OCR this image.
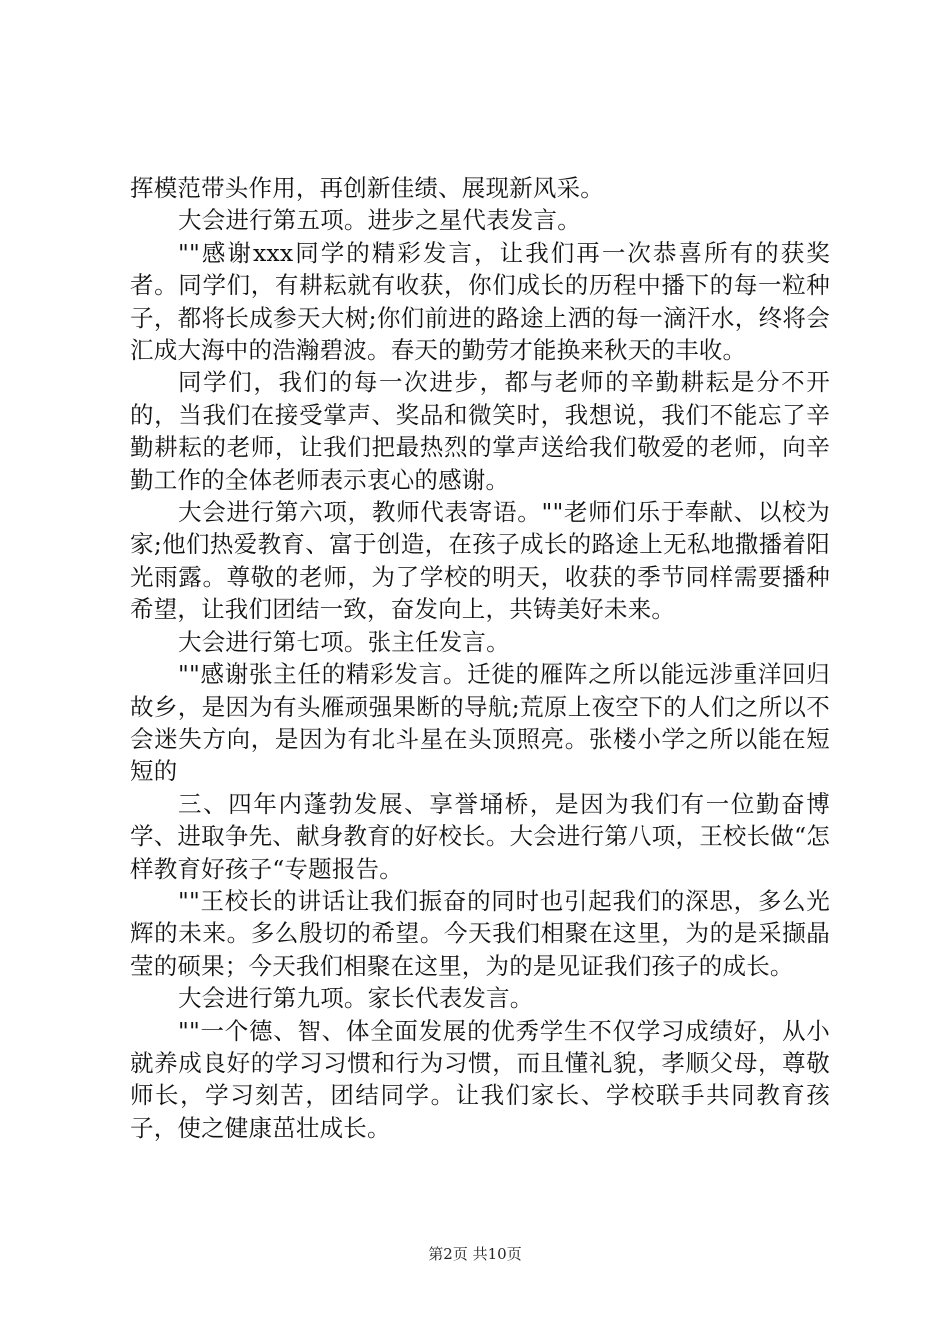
挥模范带头作用，再创新佳绩、展现新风采。

大会进行第五项。进步之星代表发言。

""感谢xxx同学的精彩发言，让我们再一次恭喜所有的获奖者。同学们，有耕耘就有收获，你们成长的历程中播下的每一粒种子，都将长成参天大树;你们前进的路途上洒的每一滴汗水，终将会汇成大海中的浩瀚碧波。春天的勤劳才能换来秋天的丰收。

同学们，我们的每一次进步，都与老师的辛勤耕耘是分不开的，当我们在接受掌声、奖品和微笑时，我想说，我们不能忘了辛勤耕耘的老师，让我们把最热烈的掌声送给我们敬爱的老师，向辛勤工作的全体老师表示衷心的感谢。

大会进行第六项，教师代表寄语。""老师们乐于奉献、以校为家;他们热爱教育、富于创造，在孩子成长的路途上无私地撒播着阳光雨露。尊敬的老师，为了学校的明天，收获的季节同样需要播种希望，让我们团结一致，奋发向上，共铸美好未来。

大会进行第七项。张主任发言。

""感谢张主任的精彩发言。迁徙的雁阵之所以能远涉重洋回归故乡，是因为有头雁顽强果断的导航;荒原上夜空下的人们之所以不会迷失方向，是因为有北斗星在头顶照亮。张楼小学之所以能在短短的

三、四年内蓬勃发展、享誉埇桥，是因为我们有一位勤奋博学、进取争先、献身教育的好校长。大会进行第八项，王校长做“怎样教育好孩子“专题报告。

""王校长的讲话让我们振奋的同时也引起我们的深思，多么光辉的未来。多么殷切的希望。今天我们相聚在这里，为的是采撷晶莹的硕果；今天我们相聚在这里，为的是见证我们孩子的成长。

大会进行第九项。家长代表发言。

""一个德、智、体全面发展的优秀学生不仅学习成绩好，从小就养成良好的学习习惯和行为习惯，而且懂礼貌，孝顺父母，尊敬师长，学习刻苦，团结同学。让我们家长、学校联手共同教育孩子，使之健康茁壮成长。

第2页 共10页
